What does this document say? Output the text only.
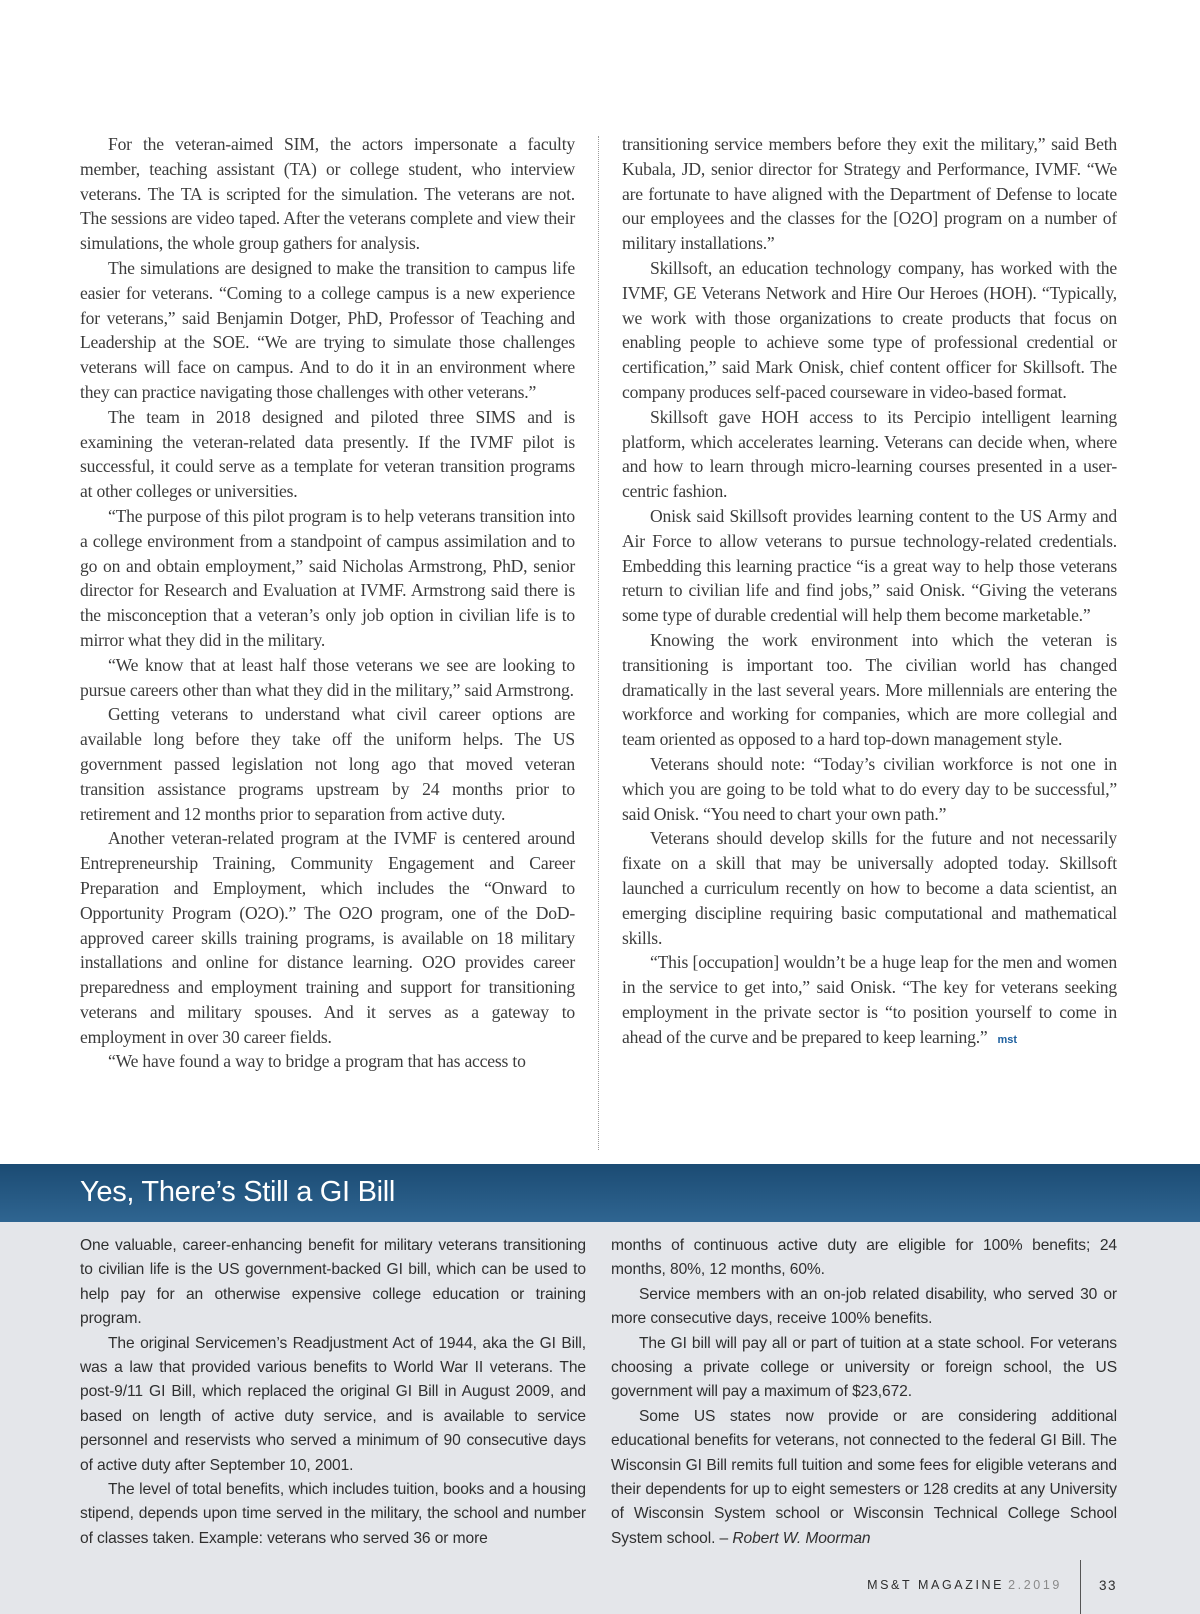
For the veteran-aimed SIM, the actors impersonate a faculty member, teaching assistant (TA) or college student, who interview veterans. The TA is scripted for the simulation. The veterans are not. The sessions are video taped. After the veterans complete and view their simulations, the whole group gathers for analysis.

The simulations are designed to make the transition to campus life easier for veterans. “Coming to a college campus is a new experience for veterans,” said Benjamin Dotger, PhD, Professor of Teaching and Leadership at the SOE. “We are trying to simulate those challenges veterans will face on campus. And to do it in an environment where they can practice navigating those challenges with other veterans.”

The team in 2018 designed and piloted three SIMS and is examining the veteran-related data presently. If the IVMF pilot is successful, it could serve as a template for veteran transition programs at other colleges or universities.

“The purpose of this pilot program is to help veterans transition into a college environment from a standpoint of campus assimilation and to go on and obtain employment,” said Nicholas Armstrong, PhD, senior director for Research and Evaluation at IVMF. Armstrong said there is the misconception that a veteran’s only job option in civilian life is to mirror what they did in the military.

“We know that at least half those veterans we see are looking to pursue careers other than what they did in the military,” said Armstrong.

Getting veterans to understand what civil career options are available long before they take off the uniform helps. The US government passed legislation not long ago that moved veteran transition assistance programs upstream by 24 months prior to retirement and 12 months prior to separation from active duty.

Another veteran-related program at the IVMF is centered around Entrepreneurship Training, Community Engagement and Career Preparation and Employment, which includes the “Onward to Opportunity Program (O2O).” The O2O program, one of the DoD-approved career skills training programs, is available on 18 military installations and online for distance learning. O2O provides career preparedness and employment training and support for transitioning veterans and military spouses. And it serves as a gateway to employment in over 30 career fields.

“We have found a way to bridge a program that has access to

transitioning service members before they exit the military,” said Beth Kubala, JD, senior director for Strategy and Performance, IVMF. “We are fortunate to have aligned with the Department of Defense to locate our employees and the classes for the [O2O] program on a number of military installations.”

Skillsoft, an education technology company, has worked with the IVMF, GE Veterans Network and Hire Our Heroes (HOH). “Typically, we work with those organizations to create products that focus on enabling people to achieve some type of professional credential or certification,” said Mark Onisk, chief content officer for Skillsoft. The company produces self-paced courseware in video-based format.

Skillsoft gave HOH access to its Percipio intelligent learning platform, which accelerates learning. Veterans can decide when, where and how to learn through micro-learning courses presented in a user-centric fashion.

Onisk said Skillsoft provides learning content to the US Army and Air Force to allow veterans to pursue technology-related credentials. Embedding this learning practice “is a great way to help those veterans return to civilian life and find jobs,” said Onisk. “Giving the veterans some type of durable credential will help them become marketable.”

Knowing the work environment into which the veteran is transitioning is important too. The civilian world has changed dramatically in the last several years. More millennials are entering the workforce and working for companies, which are more collegial and team oriented as opposed to a hard top-down management style.

Veterans should note: “Today’s civilian workforce is not one in which you are going to be told what to do every day to be successful,” said Onisk. “You need to chart your own path.”

Veterans should develop skills for the future and not necessarily fixate on a skill that may be universally adopted today. Skillsoft launched a curriculum recently on how to become a data scientist, an emerging discipline requiring basic computational and mathematical skills.

“This [occupation] wouldn’t be a huge leap for the men and women in the service to get into,” said Onisk. “The key for veterans seeking employment in the private sector is “to position yourself to come in ahead of the curve and be prepared to keep learning.” mst

Yes, There’s Still a GI Bill

One valuable, career-enhancing benefit for military veterans transitioning to civilian life is the US government-backed GI bill, which can be used to help pay for an otherwise expensive college education or training program.

The original Servicemen’s Readjustment Act of 1944, aka the GI Bill, was a law that provided various benefits to World War II veterans. The post-9/11 GI Bill, which replaced the original GI Bill in August 2009, and based on length of active duty service, and is available to service personnel and reservists who served a minimum of 90 consecutive days of active duty after September 10, 2001.

The level of total benefits, which includes tuition, books and a housing stipend, depends upon time served in the military, the school and number of classes taken. Example: veterans who served 36 or more

months of continuous active duty are eligible for 100% benefits; 24 months, 80%, 12 months, 60%.

Service members with an on-job related disability, who served 30 or more consecutive days, receive 100% benefits.

The GI bill will pay all or part of tuition at a state school. For veterans choosing a private college or university or foreign school, the US government will pay a maximum of $23,672.

Some US states now provide or are considering additional educational benefits for veterans, not connected to the federal GI Bill. The Wisconsin GI Bill remits full tuition and some fees for eligible veterans and their dependents for up to eight semesters or 128 credits at any University of Wisconsin System school or Wisconsin Technical College School System school. – Robert W. Moorman

MS&T MAGAZINE 2.2019	33
